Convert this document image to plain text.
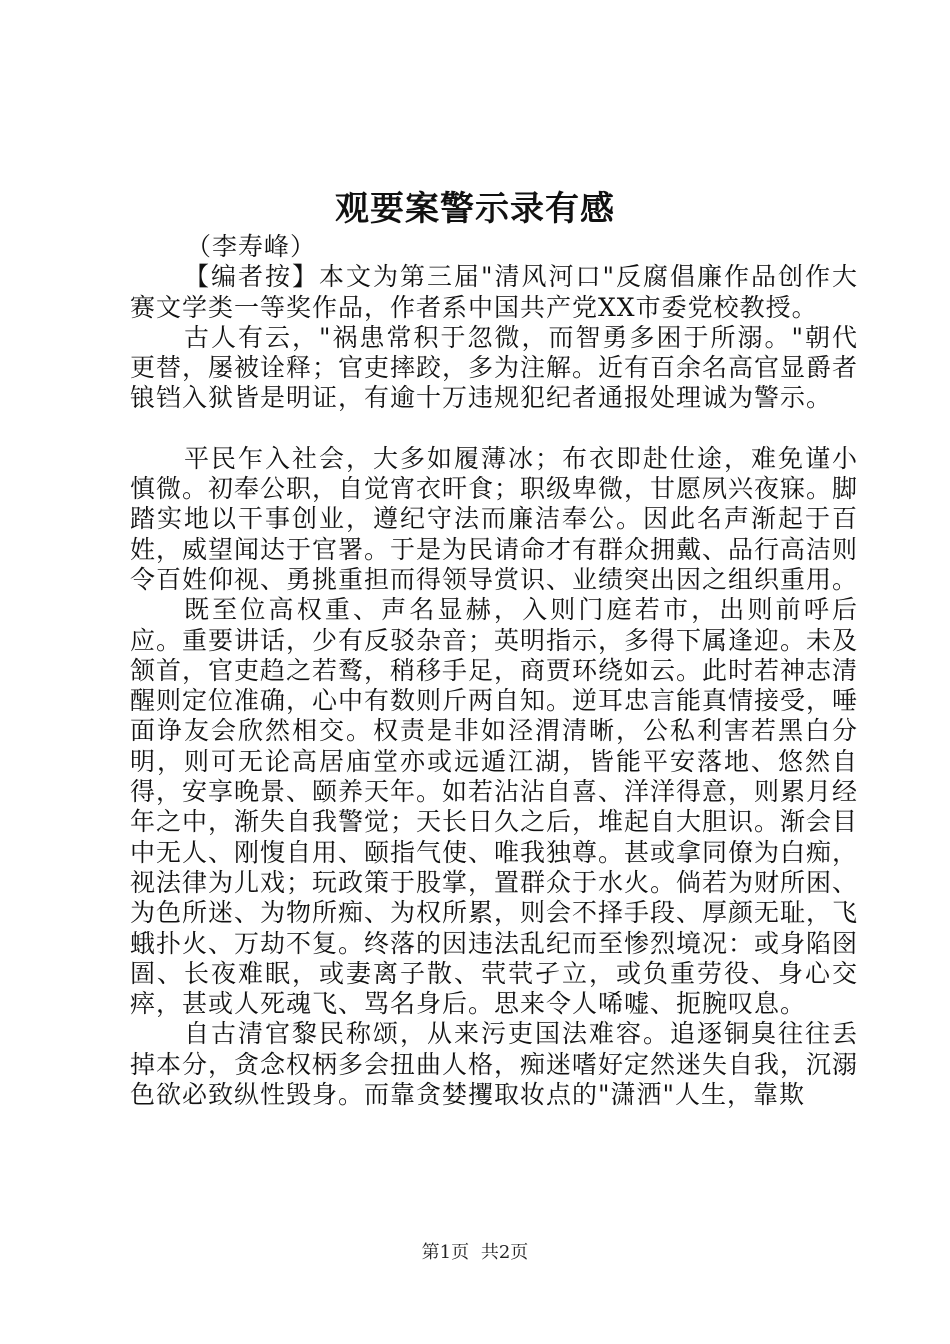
观要案警示录有感

（李寿峰）

【编者按】本文为第三届"清风河口"反腐倡廉作品创作大赛文学类一等奖作品，作者系中国共产党XX市委党校教授。

古人有云，"祸患常积于忽微，而智勇多困于所溺。"朝代更替，屡被诠释；官吏摔跤，多为注解。近有百余名高官显爵者锒铛入狱皆是明证，有逾十万违规犯纪者通报处理诚为警示。

平民乍入社会，大多如履薄冰；布衣即赴仕途，难免谨小慎微。初奉公职，自觉宵衣旰食；职级卑微，甘愿夙兴夜寐。脚踏实地以干事创业，遵纪守法而廉洁奉公。因此名声渐起于百姓，威望闻达于官署。于是为民请命才有群众拥戴、品行高洁则令百姓仰视、勇挑重担而得领导赏识、业绩突出因之组织重用。

既至位高权重、声名显赫，入则门庭若市，出则前呼后应。重要讲话，少有反驳杂音；英明指示，多得下属逢迎。未及颔首，官吏趋之若鹜，稍移手足，商贾环绕如云。此时若神志清醒则定位准确，心中有数则斤两自知。逆耳忠言能真情接受，唾面诤友会欣然相交。权责是非如泾渭清晰，公私利害若黑白分明，则可无论高居庙堂亦或远遁江湖，皆能平安落地、悠然自得，安享晚景、颐养天年。如若沾沾自喜、洋洋得意，则累月经年之中，渐失自我警觉；天长日久之后，堆起自大胆识。渐会目中无人、刚愎自用、颐指气使、唯我独尊。甚或拿同僚为白痴，视法律为儿戏；玩政策于股掌，置群众于水火。倘若为财所困、为色所迷、为物所痴、为权所累，则会不择手段、厚颜无耻，飞蛾扑火、万劫不复。终落的因违法乱纪而至惨烈境况：或身陷囹圄、长夜难眠，或妻离子散、茕茕孑立，或负重劳役、身心交瘁，甚或人死魂飞、骂名身后。思来令人唏嘘、扼腕叹息。

自古清官黎民称颂，从来污吏国法难容。追逐铜臭往往丢掉本分，贪念权柄多会扭曲人格，痴迷嗜好定然迷失自我，沉溺色欲必致纵性毁身。而靠贪婪攫取妆点的"潇洒"人生，靠欺

第1页 共2页
